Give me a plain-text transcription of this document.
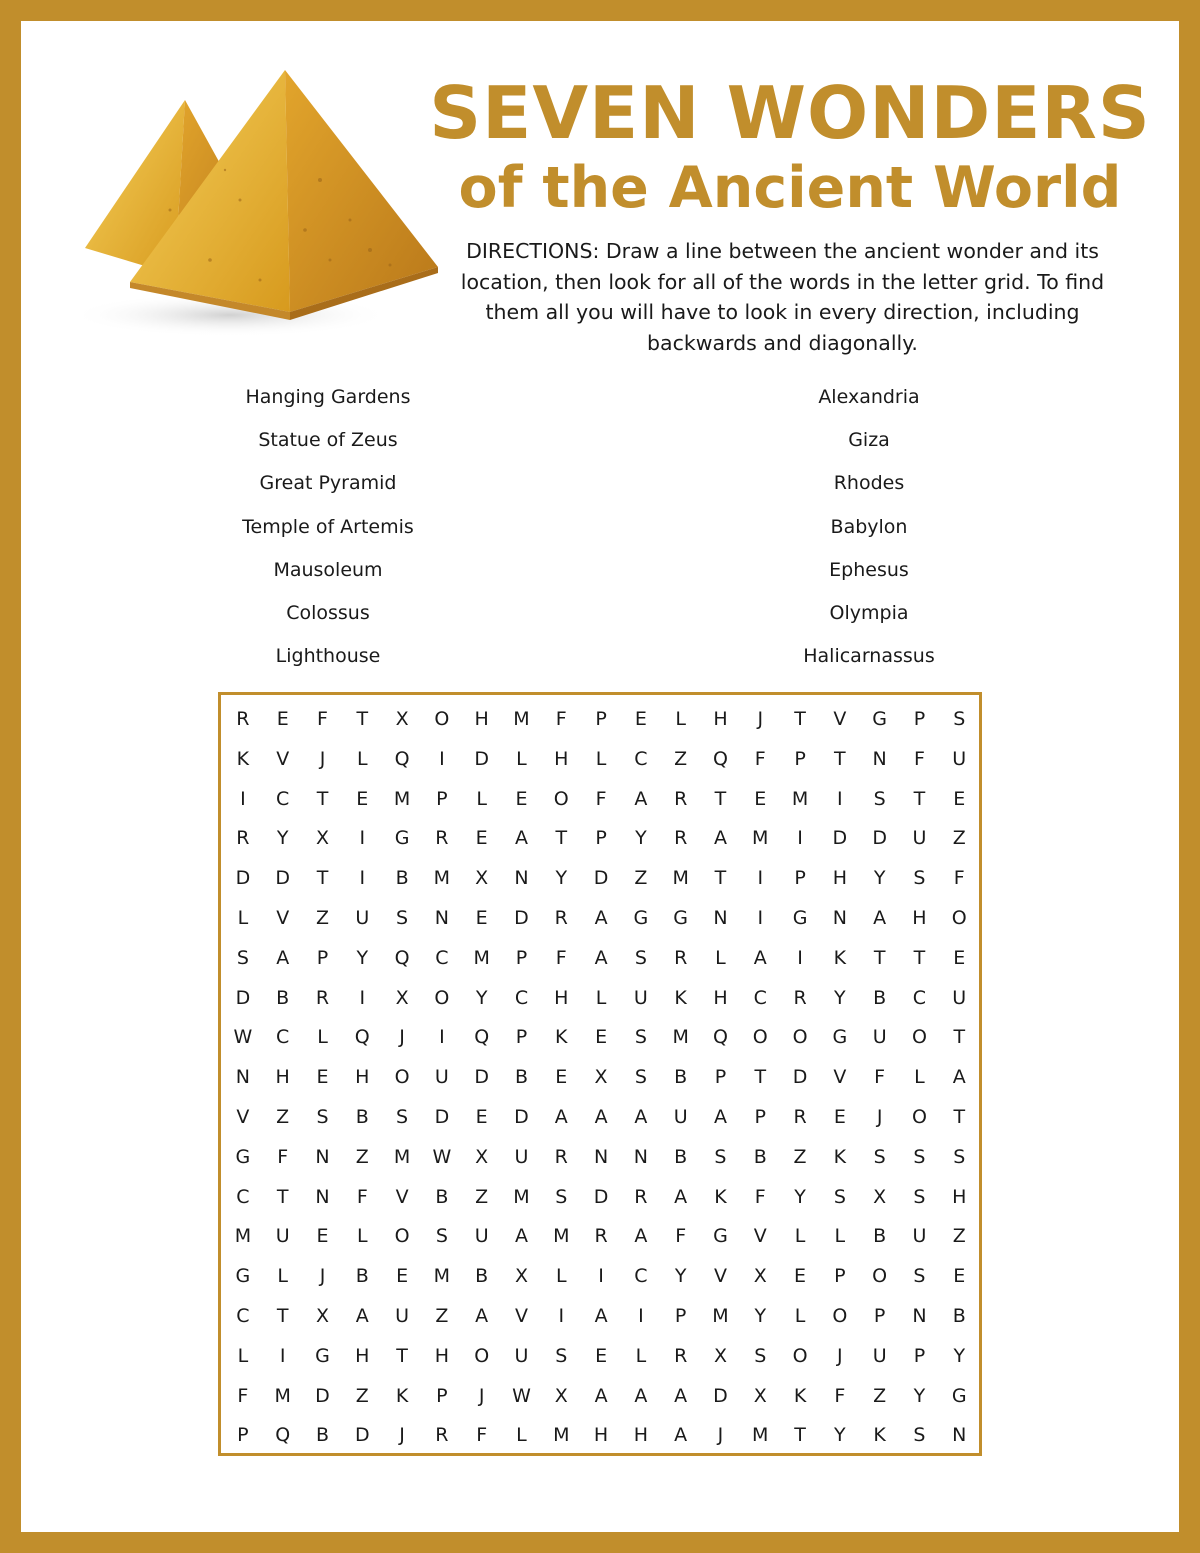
SEVEN WONDERS
of the Ancient World
DIRECTIONS: Draw a line between the ancient wonder and its location, then look for all of the words in the letter grid. To find them all you will have to look in every direction, including backwards and diagonally.
Hanging Gardens
Statue of Zeus
Great Pyramid
Temple of Artemis
Mausoleum
Colossus
Lighthouse
Alexandria
Giza
Rhodes
Babylon
Ephesus
Olympia
Halicarnassus
R	E	F	T	X	O	H	M	F	P	E	L	H	J	T	V	G	P	S
K	V	J	L	Q	I	D	L	H	L	C	Z	Q	F	P	T	N	F	U
I	C	T	E	M	P	L	E	O	F	A	R	T	E	M	I	S	T	E
R	Y	X	I	G	R	E	A	T	P	Y	R	A	M	I	D	D	U	Z
D	D	T	I	B	M	X	N	Y	D	Z	M	T	I	P	H	Y	S	F
L	V	Z	U	S	N	E	D	R	A	G	G	N	I	G	N	A	H	O
S	A	P	Y	Q	C	M	P	F	A	S	R	L	A	I	K	T	T	E
D	B	R	I	X	O	Y	C	H	L	U	K	H	C	R	Y	B	C	U
W	C	L	Q	J	I	Q	P	K	E	S	M	Q	O	O	G	U	O	T
N	H	E	H	O	U	D	B	E	X	S	B	P	T	D	V	F	L	A
V	Z	S	B	S	D	E	D	A	A	A	U	A	P	R	E	J	O	T
G	F	N	Z	M	W	X	U	R	N	N	B	S	B	Z	K	S	S	S
C	T	N	F	V	B	Z	M	S	D	R	A	K	F	Y	S	X	S	H
M	U	E	L	O	S	U	A	M	R	A	F	G	V	L	L	B	U	Z
G	L	J	B	E	M	B	X	L	I	C	Y	V	X	E	P	O	S	E
C	T	X	A	U	Z	A	V	I	A	I	P	M	Y	L	O	P	N	B
L	I	G	H	T	H	O	U	S	E	L	R	X	S	O	J	U	P	Y
F	M	D	Z	K	P	J	W	X	A	A	A	D	X	K	F	Z	Y	G
P	Q	B	D	J	R	F	L	M	H	H	A	J	M	T	Y	K	S	N
